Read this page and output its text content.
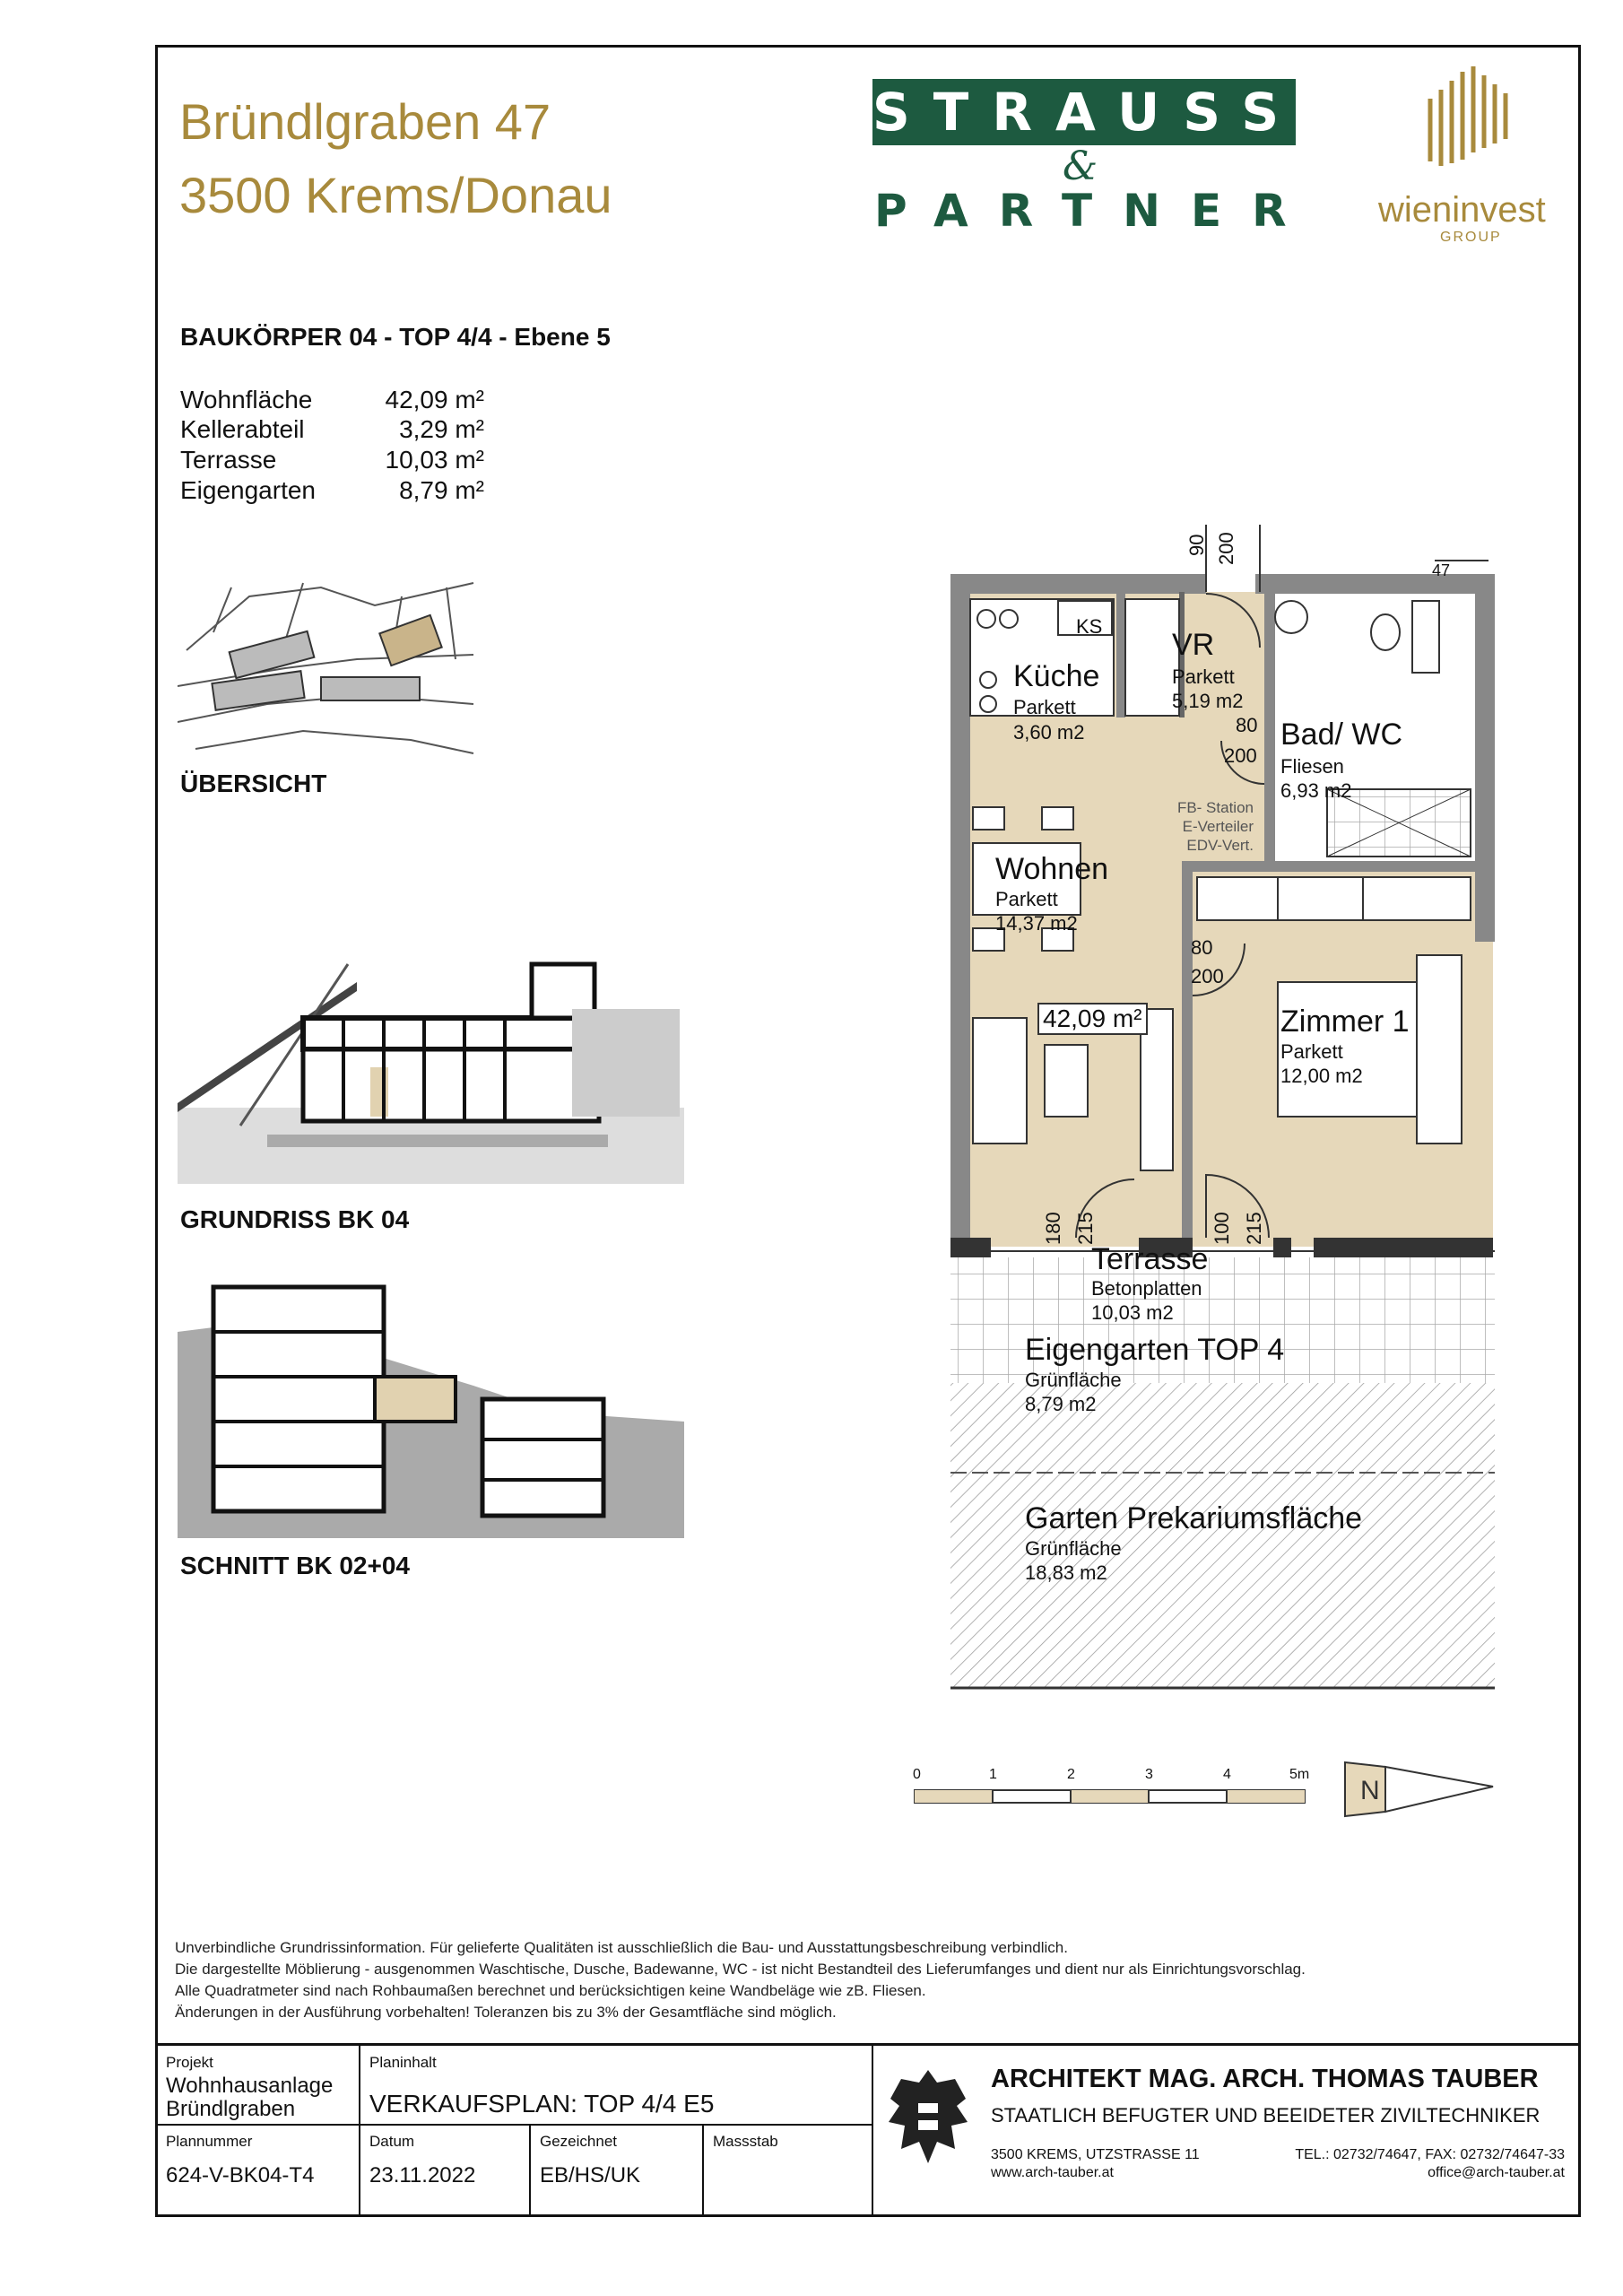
Bründlgraben 47
3500 Krems/Donau
STRAUSS
&
PARTNER wieninvest
GROUP
BAUKÖRPER 04 - TOP 4/4 - Ebene 5
Wohnfläche	42,09 m²
Kellerabteil	3,29 m²
Terrasse	10,03 m²
Eigengarten	8,79 m²
ÜBERSICHT
GRUNDRISS BK 04
SCHNITT BK 02+04
KS
Küche
Parkett
3,60 m2
VR
Parkett
5,19 m2
Bad/ WC
Fliesen
6,93 m2
FB- Station
E-Verteiler
EDV-Vert.
Wohnen
Parkett
14,37 m2
42,09 m²	Zimmer 1
Parkett
12,00 m2
Terrasse
Betonplatten
10,03 m2
Eigengarten TOP 4
Grünfläche
8,79 m2
Garten Prekariumsfläche
Grünfläche
18,83 m2
90 200
80
200
80
200
180 215	100 215
47
0	1	2	3	4	5m
N
Unverbindliche Grundrissinformation. Für gelieferte Qualitäten ist ausschließlich die Bau- und Ausstattungsbeschreibung verbindlich.
Die dargestellte Möblierung - ausgenommen Waschtische, Dusche, Badewanne, WC - ist nicht Bestandteil des Lieferumfanges und dient nur als Einrichtungsvorschlag.
Alle Quadratmeter sind nach Rohbaumaßen berechnet und berücksichtigen keine Wandbeläge wie zB. Fliesen.
Änderungen in der Ausführung vorbehalten! Toleranzen bis zu 3% der Gesamtfläche sind möglich.
Projekt
Wohnhausanlage
Bründlgraben
Planinhalt
VERKAUFSPLAN: TOP 4/4 E5
Plannummer
624-V-BK04-T4
Datum
23.11.2022
Gezeichnet
EB/HS/UK
Massstab
ARCHITEKT MAG. ARCH. THOMAS TAUBER
STAATLICH BEFUGTER UND BEEIDETER ZIVILTECHNIKER
3500 KREMS, UTZSTRASSE 11
www.arch-tauber.at
TEL.: 02732/74647, FAX: 02732/74647-33
office@arch-tauber.at
